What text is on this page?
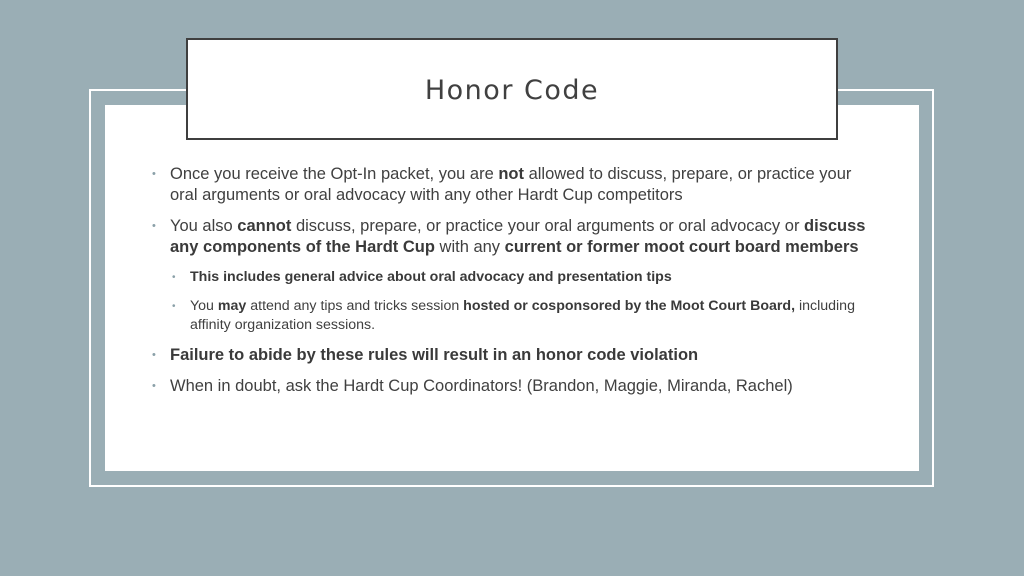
Honor Code
• Once you receive the Opt-In packet, you are not allowed to discuss, prepare, or practice your oral arguments or oral advocacy with any other Hardt Cup competitors
• You also cannot discuss, prepare, or practice your oral arguments or oral advocacy or discuss any components of the Hardt Cup with any current or former moot court board members
• This includes general advice about oral advocacy and presentation tips
• You may attend any tips and tricks session hosted or cosponsored by the Moot Court Board, including affinity organization sessions.
• Failure to abide by these rules will result in an honor code violation
• When in doubt, ask the Hardt Cup Coordinators! (Brandon, Maggie, Miranda, Rachel)
